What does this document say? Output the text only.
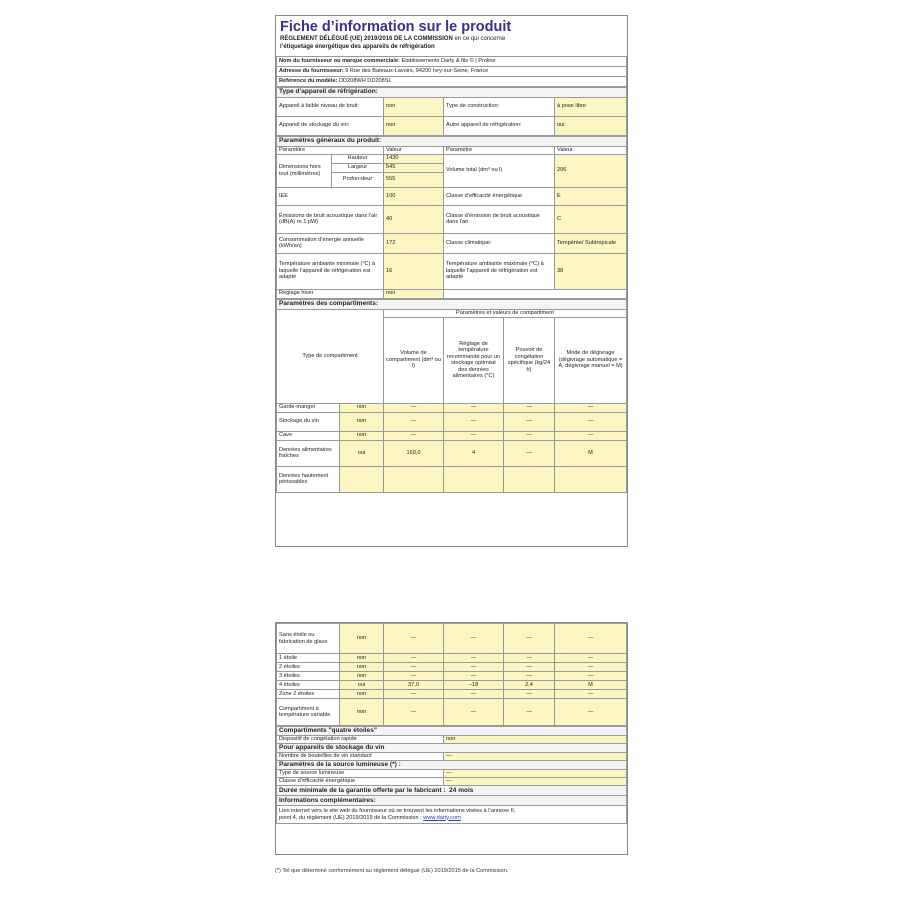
Fiche d’information sur le produit
RÈGLEMENT DÉLÉGUÉ (UE) 2019/2016 DE LA COMMISSION en ce qui concerne
l’étiquetage énergétique des appareils de réfrigération
Nom du fournisseur ou marque commerciale: Etablissements Darty & fils © | Proline
Adresse du fournisseur: 9 Rue des Bateaux-Lavoirs, 94200 Ivry-sur-Seine, France
Référence du modèle: DD208WH DD208SL
Type d’appareil de réfrigération:			
Appareil à faible niveau de bruit:	non	Type de construction:	à pose libre
Appareil de stockage du vin:	non	Autre appareil de réfrigération:	oui
Paramètres généraux du produit:				
Paramètre		Valeur	Paramètre	Valeur
Dimensions hors tout (millimètres)	Hauteur	1430	Volume total (dm³ ou l)	206
	Largeur	545		
	Profon-deur	555		
IEE		100	Classe d’efficacité énergétique	E
Émissions de bruit acoustique dans l’air (dB(A) re 1 pW)		40	Classe d’émission de bruit acoustique dans l’air	C
Consommation d’énergie annuelle (kWh/an)		172	Classe climatique:	Tempérée/ Subtropicale
Température ambiante minimale (°C) à laquelle l’appareil de réfrigération est adapté		16	Température ambiante maximale (°C) à laquelle l’appareil de réfrigération est adapté	38
Réglage hiver		non		
Paramètres des compartiments:					
Type de compartiment		Paramètres et valeurs de compartiment			
		Volume de compartiment (dm³ ou l)	Réglage de température recommandé pour un stockage optimisé des denrées alimentaires (°C)	Pouvoir de congélation spécifique (kg/24 h)	Mode de dégivrage (dégivrage automatique = A, dégivrage manuel = M)
Garde-manger	non	—	—	—	—
Stockage du vin	non	—	—	—	—
Cave	non	—	—	—	—
Denrées alimentaires fraîches	oui	169,0	4	—	M
Denrées hautement périssables					
Sans étoile ou fabrication de glace	non	—	—	—	—
1 étoile	non	—	—	—	—
2 étoiles	non	—	—	—	—
3 étoiles	non	—	—	—	—
4 étoiles	oui	37,0	−18	2,4	M
Zone 2 étoiles	non	—	—	—	—
Compartiment à température variable	non	—	—	—	—
Compartiments "quatre étoiles"	
Dispositif de congélation rapide	non
Pour appareils de stockage du vin	
Nombre de bouteilles de vin standard	—
Paramètres de la source lumineuse (*) :	
Type de source lumineuse	—
Classe d’efficacité énergétique	—
Durée minimale de la garantie offerte par le fabricant : 24 mois	
Informations complémentaires:	
Lien internet vers le site web du fournisseur où se trouvent les informations visées à l’annexe II,
point 4, du règlement (UE) 2019/2019 de la Commission : www.darty.com	
(*) Tel que déterminé conformément au règlement délégué (UE) 2019/2015 de la Commission.
